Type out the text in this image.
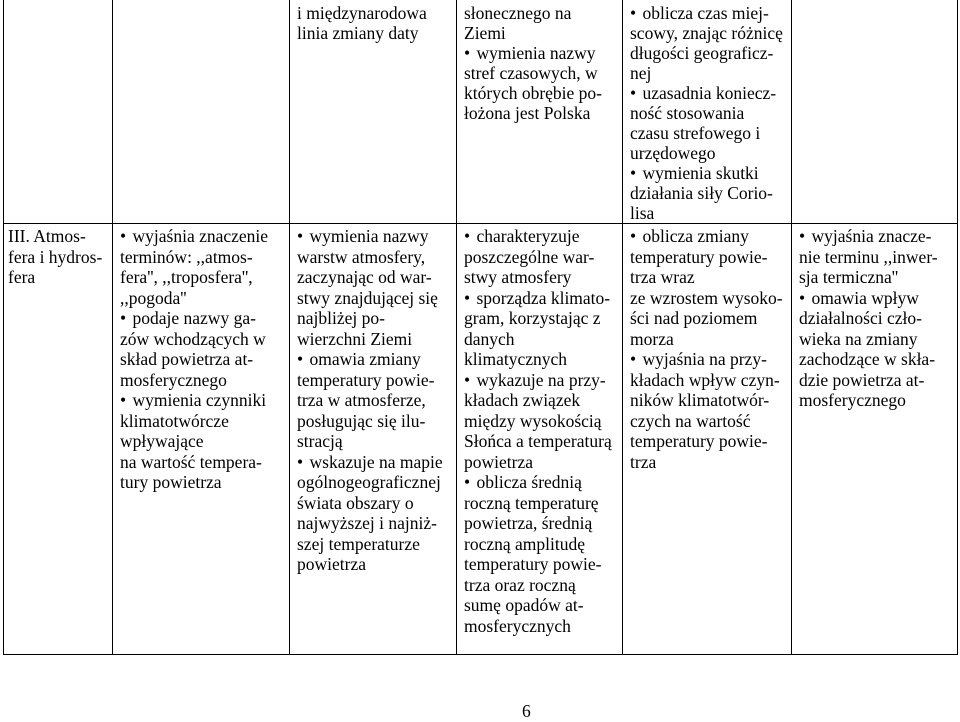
i międzynarodowa
linia zmiany daty
słonecznego na
Ziemi
• wymienia nazwy
stref czasowych, w
których obrębie po-
łożona jest Polska
• oblicza czas miej-
scowy, znając różnicę
długości geograficz-
nej
• uzasadnia koniecz-
ność stosowania
czasu strefowego i
urzędowego
• wymienia skutki
działania siły Corio-
lisa
III. Atmos-
fera i hydros-
fera
• wyjaśnia znaczenie
terminów: ,,atmos-
fera'', ,,troposfera'',
,,pogoda''
• podaje nazwy ga-
zów wchodzących w
skład powietrza at-
mosferycznego
• wymienia czynniki
klimatotwórcze
wpływające
na wartość tempera-
tury powietrza
• wymienia nazwy
warstw atmosfery,
zaczynając od war-
stwy znajdującej się
najbliżej po-
wierzchni Ziemi
• omawia zmiany
temperatury powie-
trza w atmosferze,
posługując się ilu-
stracją
• wskazuje na mapie
ogólnogeograficznej
świata obszary o
najwyższej i najniż-
szej temperaturze
powietrza
• charakteryzuje
poszczególne war-
stwy atmosfery
• sporządza klimato-
gram, korzystając z
danych
klimatycznych
• wykazuje na przy-
kładach związek
między wysokością
Słońca a temperaturą
powietrza
• oblicza średnią
roczną temperaturę
powietrza, średnią
roczną amplitudę
temperatury powie-
trza oraz roczną
sumę opadów at-
mosferycznych
• oblicza zmiany
temperatury powie-
trza wraz
ze wzrostem wysoko-
ści nad poziomem
morza
• wyjaśnia na przy-
kładach wpływ czyn-
ników klimatotwór-
czych na wartość
temperatury powie-
trza
• wyjaśnia znacze-
nie terminu ,,inwer-
sja termiczna''
• omawia wpływ
działalności czło-
wieka na zmiany
zachodzące w skła-
dzie powietrza at-
mosferycznego
6
